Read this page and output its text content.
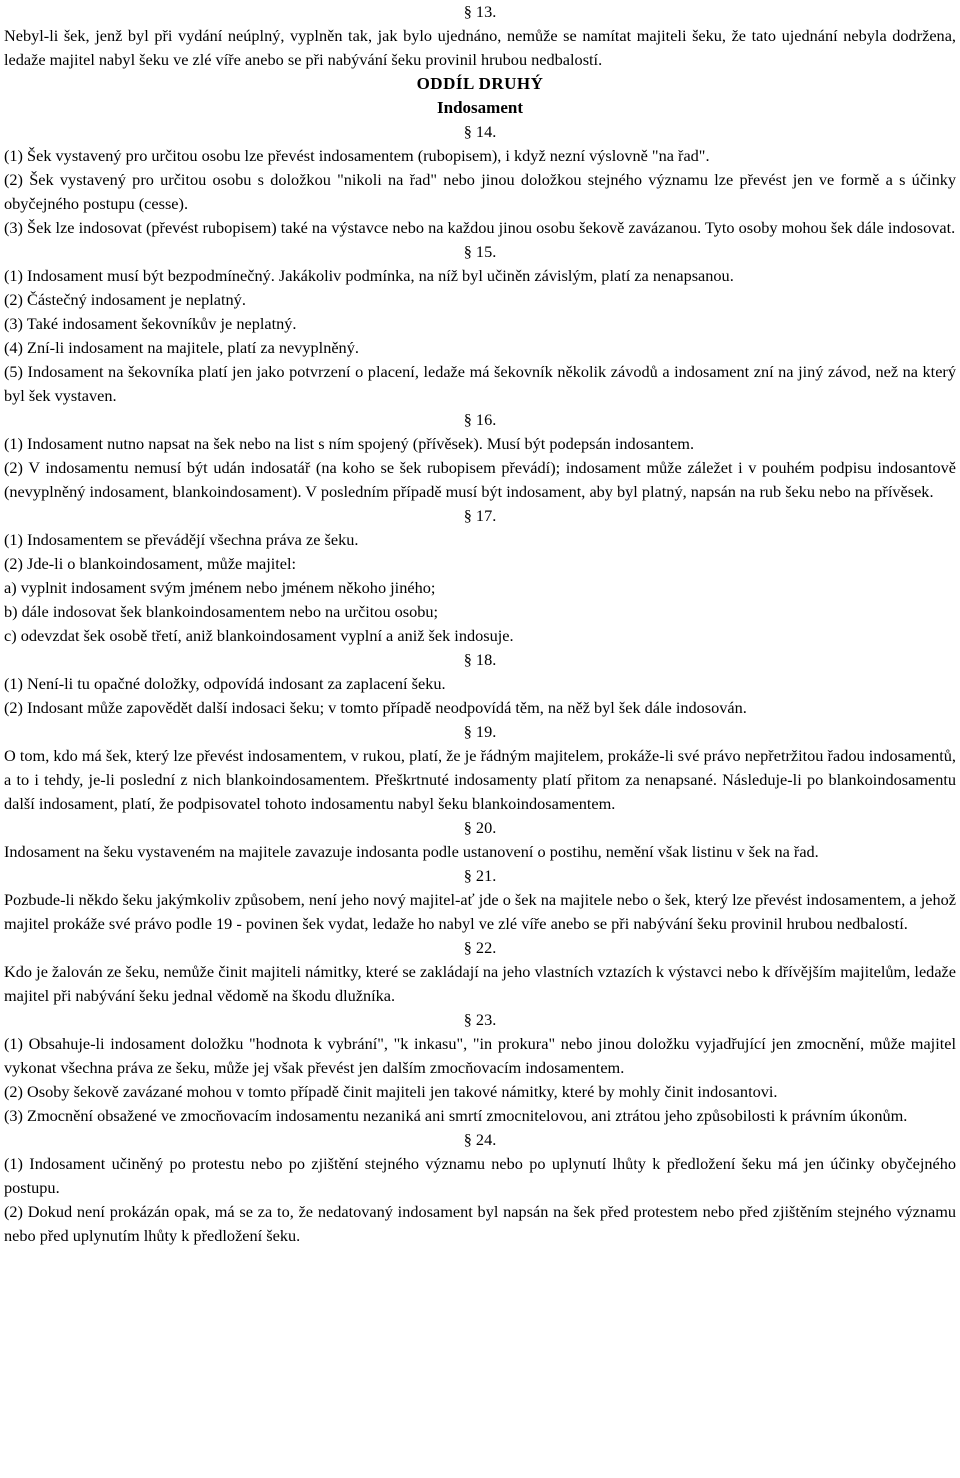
§ 13.

Nebyl-li šek, jenž byl při vydání neúplný, vyplněn tak, jak bylo ujednáno, nemůže se namítat majiteli šeku, že tato ujednání nebyla dodržena, ledaže majitel nabyl šeku ve zlé víře anebo se při nabývání šeku provinil hrubou nedbalostí.

ODDÍL DRUHÝ

Indosament

§ 14.

(1) Šek vystavený pro určitou osobu lze převést indosamentem (rubopisem), i když nezní výslovně "na řad".

(2) Šek vystavený pro určitou osobu s doložkou "nikoli na řad" nebo jinou doložkou stejného významu lze převést jen ve formě a s účinky obyčejného postupu (cesse).

(3) Šek lze indosovat (převést rubopisem) také na výstavce nebo na každou jinou osobu šekově zavázanou. Tyto osoby mohou šek dále indosovat.

§ 15.

(1) Indosament musí být bezpodmínečný. Jakákoliv podmínka, na níž byl učiněn závislým, platí za nenapsanou.

(2) Částečný indosament je neplatný.

(3) Také indosament šekovníkův je neplatný.

(4) Zní-li indosament na majitele, platí za nevyplněný.

(5) Indosament na šekovníka platí jen jako potvrzení o placení, ledaže má šekovník několik závodů a indosament zní na jiný závod, než na který byl šek vystaven.

§ 16.

(1) Indosament nutno napsat na šek nebo na list s ním spojený (přívěsek). Musí být podepsán indosantem.

(2) V indosamentu nemusí být udán indosatář (na koho se šek rubopisem převádí); indosament může záležet i v pouhém podpisu indosantově (nevyplněný indosament, blankoindosament). V posledním případě musí být indosament, aby byl platný, napsán na rub šeku nebo na přívěsek.

§ 17.

(1) Indosamentem se převádějí všechna práva ze šeku.

(2) Jde-li o blankoindosament, může majitel:

a) vyplnit indosament svým jménem nebo jménem někoho jiného;

b) dále indosovat šek blankoindosamentem nebo na určitou osobu;

c) odevzdat šek osobě třetí, aniž blankoindosament vyplní a aniž šek indosuje.

§ 18.

(1) Není-li tu opačné doložky, odpovídá indosant za zaplacení šeku.

(2) Indosant může zapovědět další indosaci šeku; v tomto případě neodpovídá těm, na něž byl šek dále indosován.

§ 19.

O tom, kdo má šek, který lze převést indosamentem, v rukou, platí, že je řádným majitelem, prokáže-li své právo nepřetržitou řadou indosamentů, a to i tehdy, je-li poslední z nich blankoindosamentem. Přeškrtnuté indosamenty platí přitom za nenapsané. Následuje-li po blankoindosamentu další indosament, platí, že podpisovatel tohoto indosamentu nabyl šeku blankoindosamentem.

§ 20.

Indosament na šeku vystaveném na majitele zavazuje indosanta podle ustanovení o postihu, nemění však listinu v šek na řad.

§ 21.

Pozbude-li někdo šeku jakýmkoliv způsobem, není jeho nový majitel-ať jde o šek na majitele nebo o šek, který lze převést indosamentem, a jehož majitel prokáže své právo podle 19 - povinen šek vydat, ledaže ho nabyl ve zlé víře anebo se při nabývání šeku provinil hrubou nedbalostí.

§ 22.

Kdo je žalován ze šeku, nemůže činit majiteli námitky, které se zakládají na jeho vlastních vztazích k výstavci nebo k dřívějším majitelům, ledaže majitel při nabývání šeku jednal vědomě na škodu dlužníka.

§ 23.

(1) Obsahuje-li indosament doložku "hodnota k vybrání", "k inkasu", "in prokura" nebo jinou doložku vyjadřující jen zmocnění, může majitel vykonat všechna práva ze šeku, může jej však převést jen dalším zmocňovacím indosamentem.

(2) Osoby šekově zavázané mohou v tomto případě činit majiteli jen takové námitky, které by mohly činit indosantovi.

(3) Zmocnění obsažené ve zmocňovacím indosamentu nezaniká ani smrtí zmocnitelovou, ani ztrátou jeho způsobilosti k právním úkonům.

§ 24.

(1) Indosament učiněný po protestu nebo po zjištění stejného významu nebo po uplynutí lhůty k předložení šeku má jen účinky obyčejného postupu.

(2) Dokud není prokázán opak, má se za to, že nedatovaný indosament byl napsán na šek před protestem nebo před zjištěním stejného významu nebo před uplynutím lhůty k předložení šeku.
